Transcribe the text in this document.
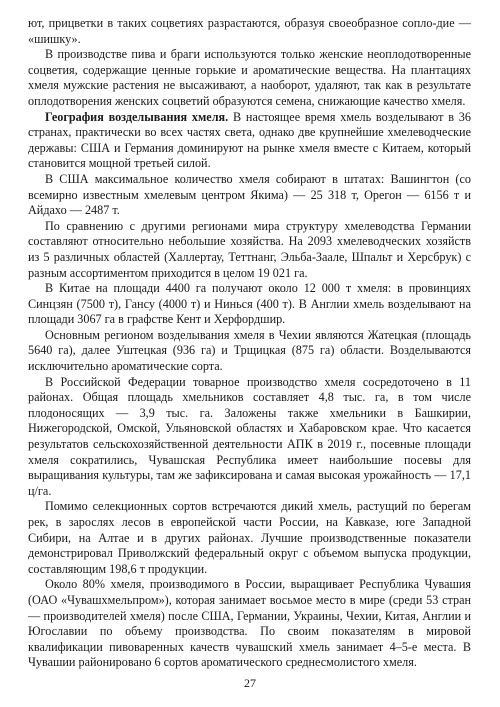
ют, прицветки в таких соцветиях разрастаются, образуя своеобразное сопло-дие — «шишку».

В производстве пива и браги используются только женские неоплодотворенные соцветия, содержащие ценные горькие и ароматические вещества. На плантациях хмеля мужские растения не высаживают, а наоборот, удаляют, так как в результате оплодотворения женских соцветий образуются семена, снижающие качество хмеля.

География возделывания хмеля. В настоящее время хмель возделывают в 36 странах, практически во всех частях света, однако две крупнейшие хмелеводческие державы: США и Германия доминируют на рынке хмеля вместе с Китаем, который становится мощной третьей силой.

В США максимальное количество хмеля собирают в штатах: Вашингтон (со всемирно известным хмелевым центром Якима) — 25 318 т, Орегон — 6156 т и Айдахо — 2487 т.

По сравнению с другими регионами мира структуру хмелеводства Германии составляют относительно небольшие хозяйства. На 2093 хмелеводческих хозяйств из 5 различных областей (Халлертау, Теттнанг, Эльба-Заале, Шпальт и Херсбрук) с разным ассортиментом приходится в целом 19 021 га.

В Китае на площади 4400 га получают около 12 000 т хмеля: в провинциях Синцзян (7500 т), Гансу (4000 т) и Нинься (400 т). В Англии хмель возделывают на площади 3067 га в графстве Кент и Херфордшир.

Основным регионом возделывания хмеля в Чехии являются Жатецкая (площадь 5640 га), далее Уштецкая (936 га) и Трщицкая (875 га) области. Возделываются исключительно ароматические сорта.

В Российской Федерации товарное производство хмеля сосредоточено в 11 районах. Общая площадь хмельников составляет 4,8 тыс. га, в том числе плодоносящих — 3,9 тыс. га. Заложены также хмельники в Башкирии, Нижегородской, Омской, Ульяновской областях и Хабаровском крае. Что касается результатов сельскохозяйственной деятельности АПК в 2019 г., посевные площади хмеля сократились, Чувашская Республика имеет наибольшие посевы для выращивания культуры, там же зафиксирована и самая высокая урожайность — 17,1 ц/га.

Помимо селекционных сортов встречаются дикий хмель, растущий по берегам рек, в зарослях лесов в европейской части России, на Кавказе, юге Западной Сибири, на Алтае и в других районах. Лучшие производственные показатели демонстрировал Приволжский федеральный округ с объемом выпуска продукции, составляющим 198,6 т продукции.

Около 80% хмеля, производимого в России, выращивает Республика Чувашия (ОАО «Чувашхмельпром»), которая занимает восьмое место в мире (среди 53 стран — производителей хмеля) после США, Германии, Украины, Чехии, Китая, Англии и Югославии по объему производства. По своим показателям в мировой квалификации пивоваренных качеств чувашский хмель занимает 4–5-е места. В Чувашии районировано 6 сортов ароматического среднесмолистого хмеля.

27
